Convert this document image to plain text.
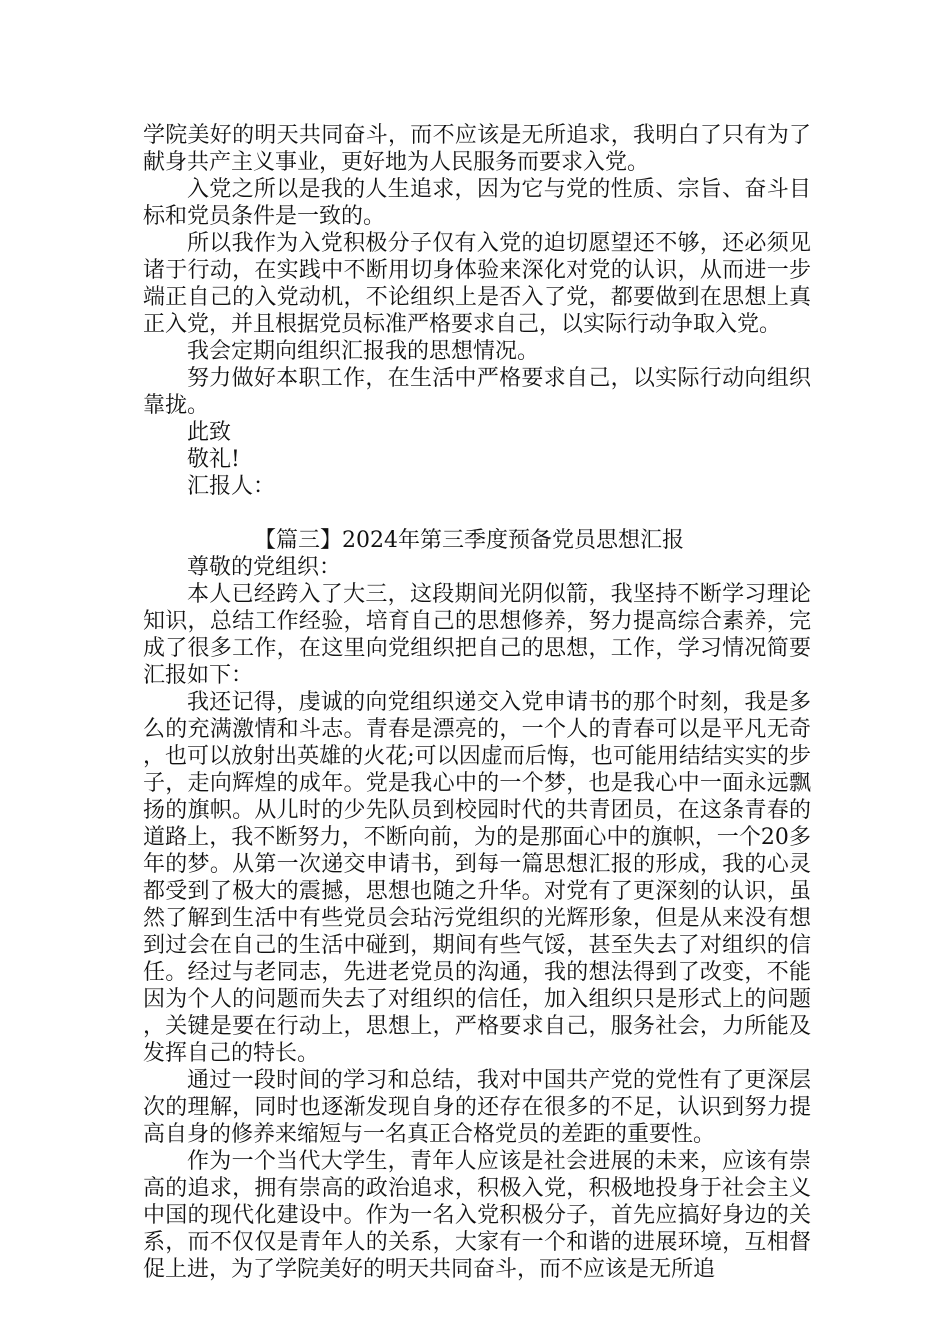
学院美好的明天共同奋斗，而不应该是无所追求，我明白了只有为了献身共产主义事业，更好地为人民服务而要求入党。

入党之所以是我的人生追求，因为它与党的性质、宗旨、奋斗目标和党员条件是一致的。

所以我作为入党积极分子仅有入党的迫切愿望还不够，还必须见诸于行动，在实践中不断用切身体验来深化对党的认识，从而进一步端正自己的入党动机，不论组织上是否入了党，都要做到在思想上真正入党，并且根据党员标准严格要求自己，以实际行动争取入党。

我会定期向组织汇报我的思想情况。

努力做好本职工作，在生活中严格要求自己，以实际行动向组织靠拢。

此致

敬礼!

汇报人：

【篇三】2024年第三季度预备党员思想汇报

尊敬的党组织：

本人已经跨入了大三，这段期间光阴似箭，我坚持不断学习理论知识，总结工作经验，培育自己的思想修养，努力提高综合素养，完成了很多工作，在这里向党组织把自己的思想，工作，学习情况简要汇报如下：

我还记得，虔诚的向党组织递交入党申请书的那个时刻，我是多么的充满激情和斗志。青春是漂亮的，一个人的青春可以是平凡无奇，也可以放射出英雄的火花;可以因虚而后悔，也可能用结结实实的步子，走向辉煌的成年。党是我心中的一个梦，也是我心中一面永远飘扬的旗帜。从儿时的少先队员到校园时代的共青团员，在这条青春的道路上，我不断努力，不断向前，为的是那面心中的旗帜，一个20多年的梦。从第一次递交申请书，到每一篇思想汇报的形成，我的心灵都受到了极大的震撼，思想也随之升华。对党有了更深刻的认识，虽然了解到生活中有些党员会玷污党组织的光辉形象，但是从来没有想到过会在自己的生活中碰到，期间有些气馁，甚至失去了对组织的信任。经过与老同志，先进老党员的沟通，我的想法得到了改变，不能因为个人的问题而失去了对组织的信任，加入组织只是形式上的问题，关键是要在行动上，思想上，严格要求自己，服务社会，力所能及发挥自己的特长。

通过一段时间的学习和总结，我对中国共产党的党性有了更深层次的理解，同时也逐渐发现自身的还存在很多的不足，认识到努力提高自身的修养来缩短与一名真正合格党员的差距的重要性。

作为一个当代大学生，青年人应该是社会进展的未来，应该有崇高的追求，拥有崇高的政治追求，积极入党，积极地投身于社会主义中国的现代化建设中。作为一名入党积极分子，首先应搞好身边的关系，而不仅仅是青年人的关系，大家有一个和谐的进展环境，互相督促上进，为了学院美好的明天共同奋斗，而不应该是无所追
